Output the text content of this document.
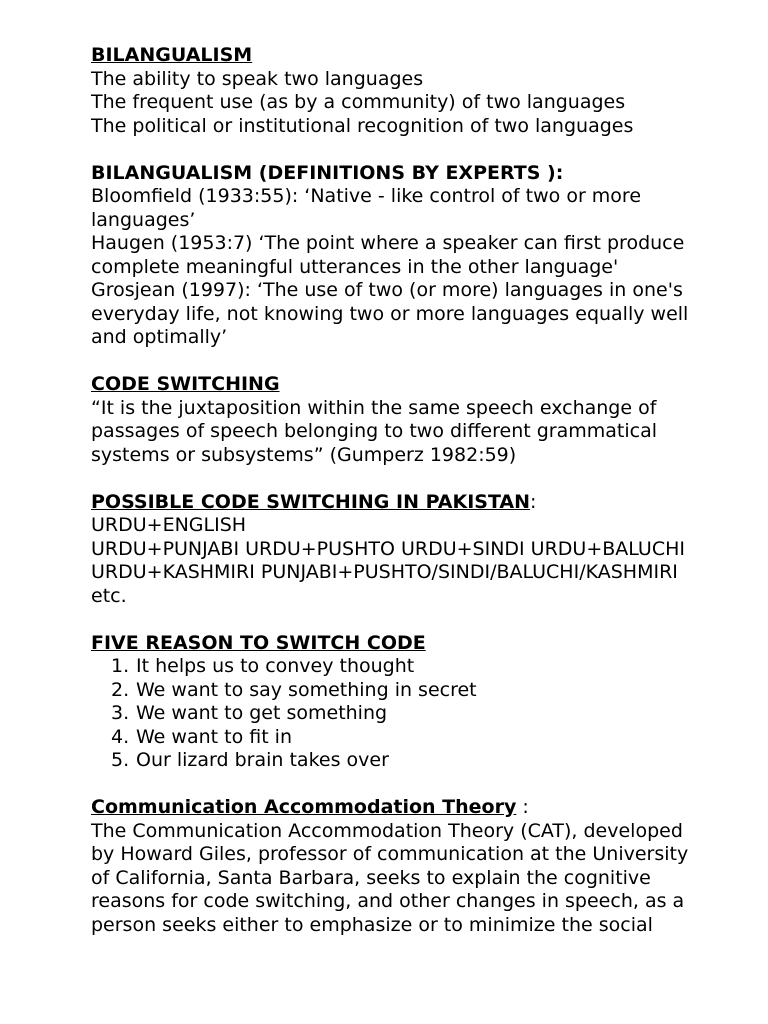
BILANGUALISM
The ability to speak two languages
The frequent use (as by a community) of two languages
The political or institutional recognition of two languages
BILANGUALISM (DEFINITIONS BY EXPERTS ):
Bloomfield (1933:55): ‘Native - like control of two or more
languages’
Haugen (1953:7) ‘The point where a speaker can first produce
complete meaningful utterances in the other language'
Grosjean (1997): ‘The use of two (or more) languages in one's
everyday life, not knowing two or more languages equally well
and optimally’
CODE SWITCHING
“It is the juxtaposition within the same speech exchange of
passages of speech belonging to two different grammatical
systems or subsystems” (Gumperz 1982:59)
POSSIBLE CODE SWITCHING IN PAKISTAN:
URDU+ENGLISH
URDU+PUNJABI URDU+PUSHTO URDU+SINDI URDU+BALUCHI
URDU+KASHMIRI PUNJABI+PUSHTO/SINDI/BALUCHI/KASHMIRI
etc.
FIVE REASON TO SWITCH CODE
1. It helps us to convey thought
2. We want to say something in secret
3. We want to get something
4. We want to fit in
5. Our lizard brain takes over
Communication Accommodation Theory :
The Communication Accommodation Theory (CAT), developed
by Howard Giles, professor of communication at the University
of California, Santa Barbara, seeks to explain the cognitive
reasons for code switching, and other changes in speech, as a
person seeks either to emphasize or to minimize the social
